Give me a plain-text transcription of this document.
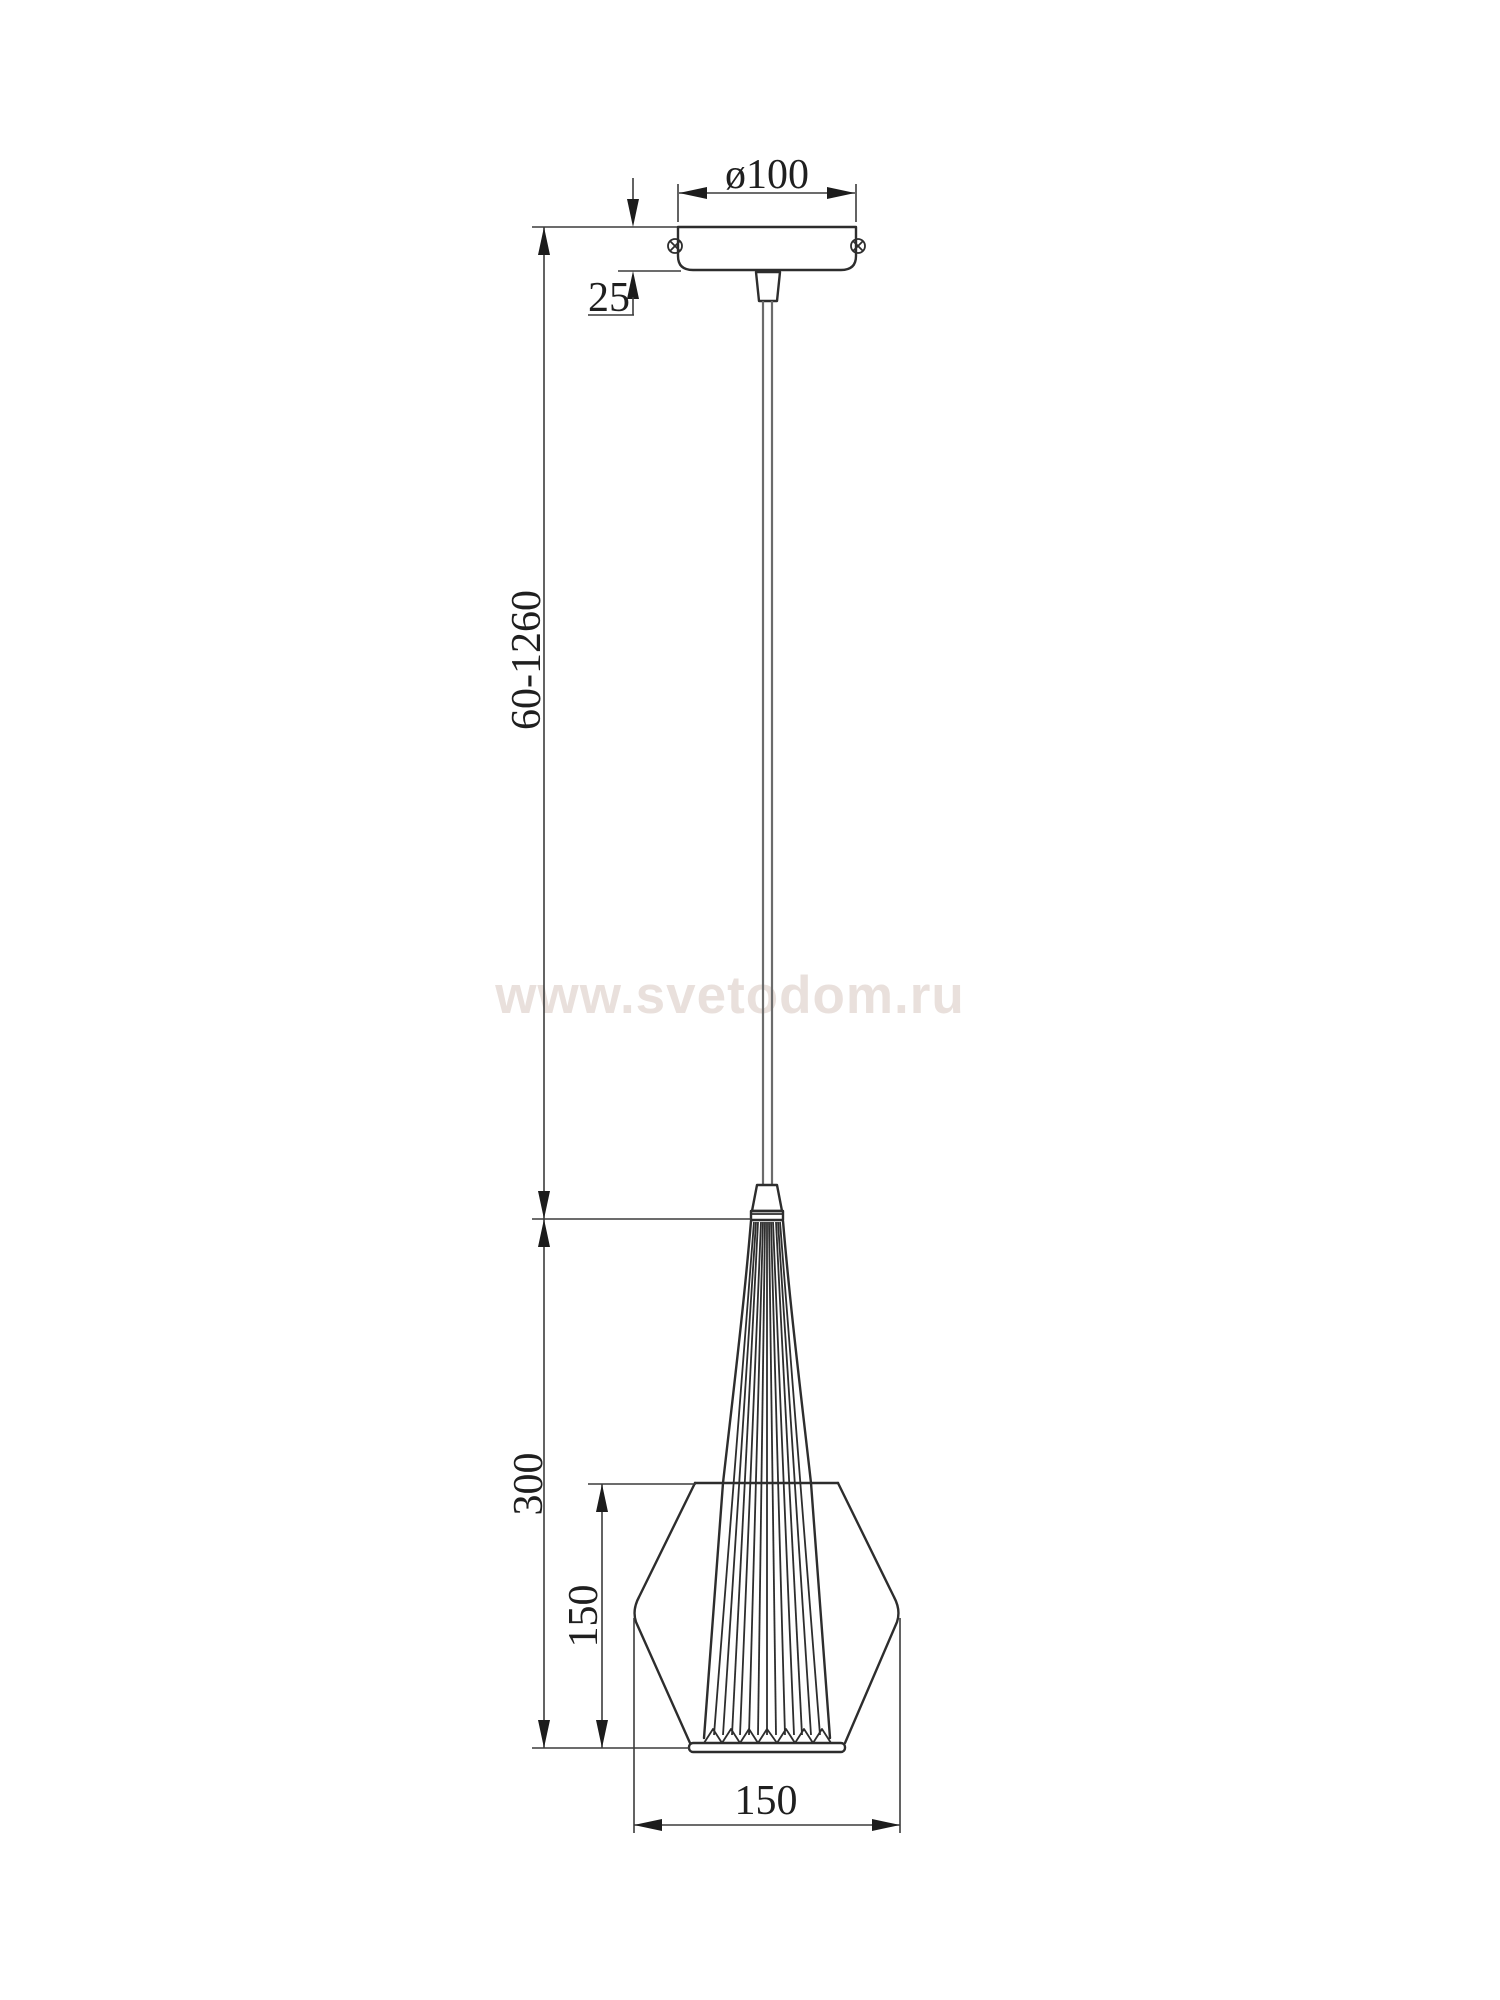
www.svetodom.ru
ø100
25
60-1260
300
150
150
